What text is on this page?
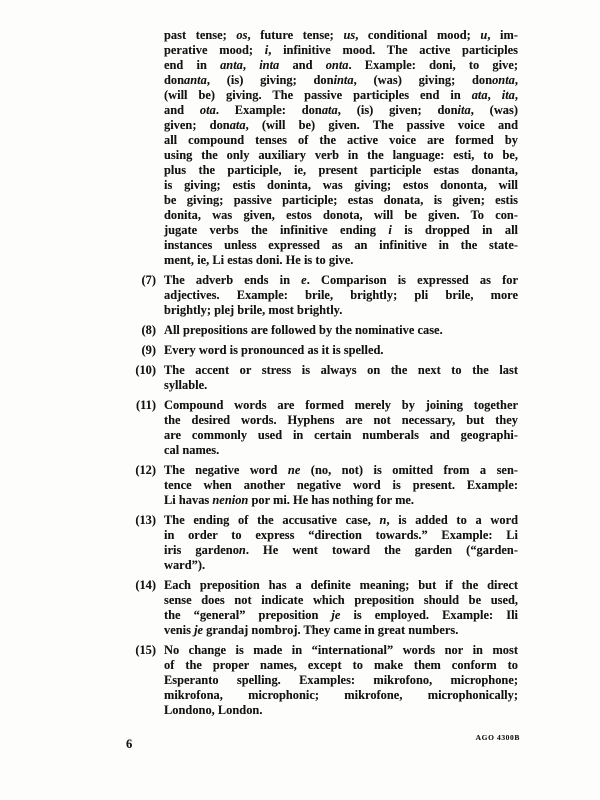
past tense; os, future tense; us, conditional mood; u, im-
perative mood; i, infinitive mood. The active participles
end in anta, inta and onta. Example: doni, to give;
donanta, (is) giving; doninta, (was) giving; dononta,
(will be) giving. The passive participles end in ata, ita,
and ota. Example: donata, (is) given; donita, (was)
given; donata, (will be) given. The passive voice and
all compound tenses of the active voice are formed by
using the only auxiliary verb in the language: esti, to be,
plus the participle, ie, present participle estas donanta,
is giving; estis doninta, was giving; estos dononta, will
be giving; passive participle; estas donata, is given; estis
donita, was given, estos donota, will be given. To con-
jugate verbs the infinitive ending i is dropped in all
instances unless expressed as an infinitive in the state-
ment, ie, Li estas doni. He is to give.
(7) The adverb ends in e. Comparison is expressed as for
adjectives. Example: brile, brightly; pli brile, more
brightly; plej brile, most brightly.
(8) All prepositions are followed by the nominative case.
(9) Every word is pronounced as it is spelled.
(10) The accent or stress is always on the next to the last
syllable.
(11) Compound words are formed merely by joining together
the desired words. Hyphens are not necessary, but they
are commonly used in certain numberals and geographi-
cal names.
(12) The negative word ne (no, not) is omitted from a sen-
tence when another negative word is present. Example:
Li havas nenion por mi. He has nothing for me.
(13) The ending of the accusative case, n, is added to a word
in order to express “direction towards.” Example: Li
iris gardenon. He went toward the garden (“garden-
ward”).
(14) Each preposition has a definite meaning; but if the direct
sense does not indicate which preposition should be used,
the “general” preposition je is employed. Example: Ili
venis je grandaj nombroj. They came in great numbers.
(15) No change is made in “international” words nor in most
of the proper names, except to make them conform to
Esperanto spelling. Examples: mikrofono, microphone;
mikrofona, microphonic; mikrofone, microphonically;
Londono, London.
6	AGO 4300B
